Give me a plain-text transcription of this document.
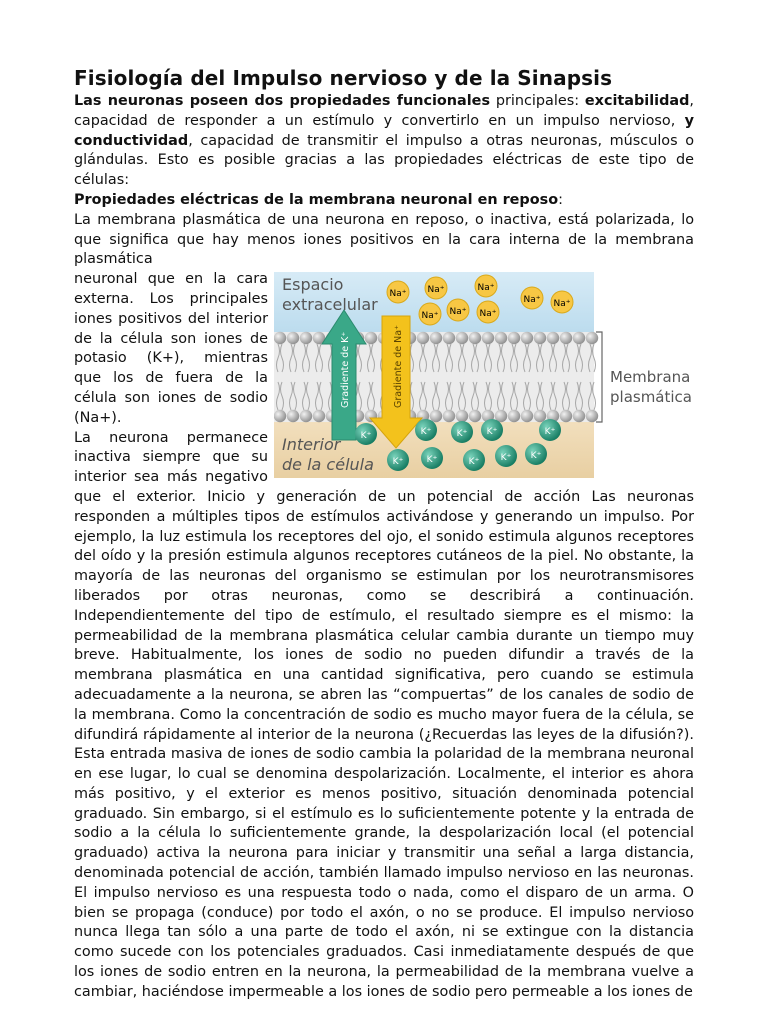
Fisiología del Impulso nervioso y de la Sinapsis

Las neuronas poseen dos propiedades funcionales principales: excitabilidad, capacidad de responder a un estímulo y convertirlo en un impulso nervioso, y conductividad, capacidad de transmitir el impulso a otras neuronas, músculos o glándulas. Esto es posible gracias a las propiedades eléctricas de este tipo de células:

Propiedades eléctricas de la membrana neuronal en reposo:

La membrana plasmática de una neurona en reposo, o inactiva, está polarizada, lo que significa que hay menos iones positivos en la cara interna de la membrana plasmática

Gradiente de K⁺	Gradiente de Na⁺
Espacio
extracelular
Interior
de la célula
Na⁺ Na⁺
Na⁺ Na⁺
Na⁺
Na⁺
Na⁺ Na⁺
K⁺	K⁺	K⁺ K⁺	K⁺
K⁺	K⁺	K⁺ K⁺ K⁺
Membrana
plasmática

neuronal que en la cara externa. Los principales iones positivos del interior de la célula son iones de potasio (K+), mientras que los de fuera de la célula son iones de sodio (Na+).

La neurona permanece inactiva siempre que su interior sea más negativo que el exterior. Inicio y generación de un potencial de acción Las neuronas responden a múltiples tipos de estímulos activándose y generando un impulso. Por ejemplo, la luz estimula los receptores del ojo, el sonido estimula algunos receptores del oído y la presión estimula algunos receptores cutáneos de la piel. No obstante, la mayoría de las neuronas del organismo se estimulan por los neurotransmisores liberados por otras neuronas, como se describirá a continuación. Independientemente del tipo de estímulo, el resultado siempre es el mismo: la permeabilidad de la membrana plasmática celular cambia durante un tiempo muy breve. Habitualmente, los iones de sodio no pueden difundir a través de la membrana plasmática en una cantidad significativa, pero cuando se estimula adecuadamente a la neurona, se abren las “compuertas” de los canales de sodio de la membrana. Como la concentración de sodio es mucho mayor fuera de la célula, se difundirá rápidamente al interior de la neurona (¿Recuerdas las leyes de la difusión?). Esta entrada masiva de iones de sodio cambia la polaridad de la membrana neuronal en ese lugar, lo cual se denomina despolarización. Localmente, el interior es ahora más positivo, y el exterior es menos positivo, situación denominada potencial graduado. Sin embargo, si el estímulo es lo suficientemente potente y la entrada de sodio a la célula lo suficientemente grande, la despolarización local (el potencial graduado) activa la neurona para iniciar y transmitir una señal a larga distancia, denominada potencial de acción, también llamado impulso nervioso en las neuronas. El impulso nervioso es una respuesta todo o nada, como el disparo de un arma. O bien se propaga (conduce) por todo el axón, o no se produce. El impulso nervioso nunca llega tan sólo a una parte de todo el axón, ni se extingue con la distancia como sucede con los potenciales graduados. Casi inmediatamente después de que los iones de sodio entren en la neurona, la permeabilidad de la membrana vuelve a cambiar, haciéndose impermeable a los iones de sodio pero permeable a los iones de
